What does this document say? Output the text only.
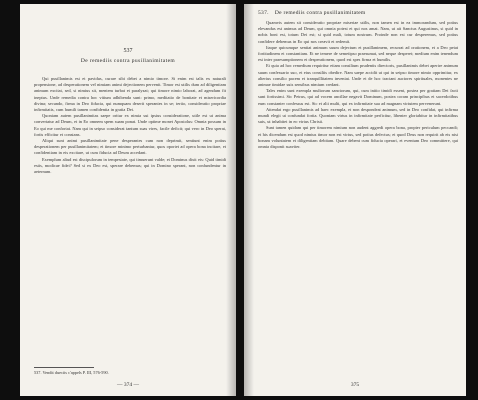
537
De remediis contra pusillanimitatem

Qui pusillanimis est et pavidus, curare sibi debet a nimio timore. Si enim est talis ex naturali propensione, ad desperationem vel nimiam animi dejectionem pervenit. Timor est utilis dum ad diligentiam animum excitat, sed, si nimius sit, mentem turbat et paralyzat; qui timore nimio laborat, ad agendum fit ineptus. Unde remedia contra hoc vitium adhibenda sunt: primo, meditatio de bonitate et misericordia divina; secundo, firma in Deo fiducia, qui numquam deserit sperantes in se; tertio, consideratio propriae infirmitatis, cum humili tamen confidentia in gratia Dei.

Quoniam autem pusillanimitas saepe oritur ex nimia sui ipsius consideratione, utile est ut anima convertatur ad Deum, et in Eo omnem spem suam ponat. Unde optime monet Apostolus: Omnia possum in Eo qui me confortat. Nam qui in seipso considerat tantum suas vires, facile deficit; qui vero in Deo sperat, fortis efficitur et constans.

Aliqui sunt animi pusillanimitate pene desperantes cum non deprimit, sentiunt enim potius desperationem per pusillanimitatem; et timore minimo perturbantur, quos oportet ad opera bona incitare, et confidentiam in eis excitare, ut cum fiducia ad Deum accedant.

Exemplum aliud est discipulorum in tempestate, qui timuerunt valde; et Dominus dixit eis: Quid timidi estis, modicae fidei? Sed si ex Deo est, sperare debemus; qui in Domino sperant, non confundentur in aeternum.

537. Vendit dueciis c'appels P. III, 576-590.
— 374 —
537. De remediis contra pusillanimitatem

Quamvis autem sit consideratio propriae miseriae utilis, non tamen est in ea immorandum, sed potius elevandus est animus ad Deum, qui omnia potest et qui nos amat. Nam, ut ait Sanctus Augustinus, si quid in nobis boni est, totum Dei est; si quid mali, totum nostrum. Proinde non est cur desperemus, sed potius confidere debemus in Eo qui nos creavit et redemit.

Itaque quicumque sentiat animum suum dejectum et pusillanimem, recurrat ad orationem, et a Deo petat fortitudinem et constantiam. Et ne temere de semetipso praesumat, sed neque desperet; medium enim tenendum est inter praesumptionem et desperationem, quod est spes firma et humilis.

Et quia ad hoc remedium requiritur etiam consilium prudentis directoris, pusillanimis debet aperire animum suum confessario suo, et eius consiliis obedire. Nam saepe accidit ut qui in seipso timore nimio opprimitur, ex alterius consilio pacem et tranquillitatem inveniat. Unde et de hoc tractant auctores spirituales, monentes ne animae timidae suis sensibus nimium credant.

Tales enim sunt exempla multorum sanctorum, qui, cum initio timidi essent, postea per gratiam Dei facti sunt fortissimi. Sic Petrus, qui ad vocem ancillae negavit Dominum, postea coram principibus et sacerdotibus eum constanter confessus est. Sic et alii multi, qui ex infirmitate sua ad magnam virtutem pervenerunt.

Attendat ergo pusillanimis ad haec exempla, et non despondeat animum, sed in Deo confidat, qui infirma mundi elegit ut confundat fortia. Quoniam virtus in infirmitate perficitur, libenter gloriabitur in infirmitatibus suis, ut inhabitet in eo virtus Christi.

Sunt tamen quidam qui per timorem nimium non audent aggredi opera bona, propter periculum peccandi; et his dicendum est quod nimius timor non est virtus, sed potius defectus; et quod Deus non requirit ab eis nisi bonam voluntatem et diligentiam debitam. Quare debent cum fiducia operari, et eventum Deo committere, qui omnia disponit suaviter.

375
